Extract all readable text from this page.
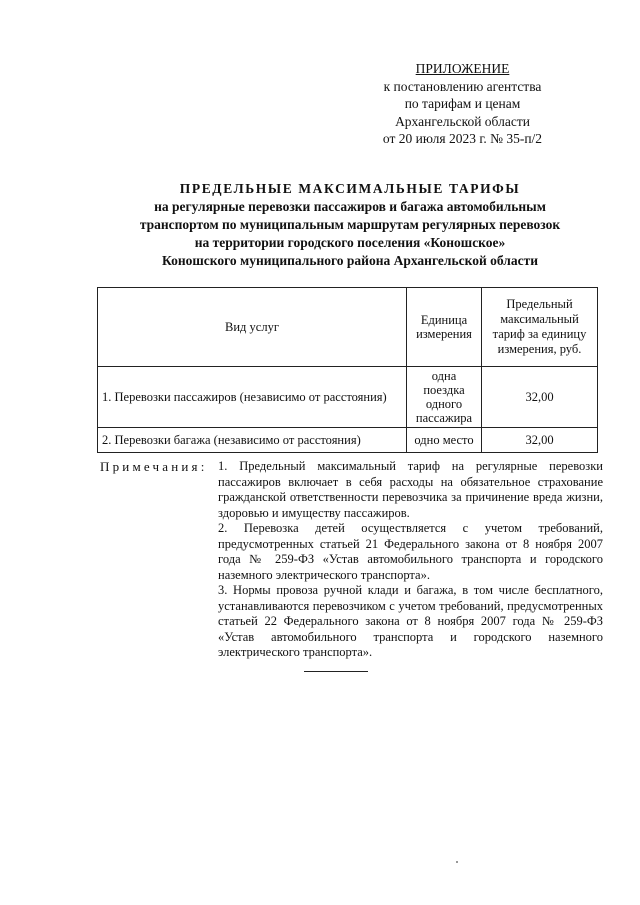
ПРИЛОЖЕНИЕ
к постановлению агентства
по тарифам и ценам
Архангельской области
от 20 июля 2023 г. № 35-п/2
ПРЕДЕЛЬНЫЕ МАКСИМАЛЬНЫЕ ТАРИФЫ
на регулярные перевозки пассажиров и багажа автомобильным
транспортом по муниципальным маршрутам регулярных перевозок
на территории городского поселения «Коношское»
Коношского муниципального района Архангельской области
Вид услуг	Единица измерения	Предельный максимальный тариф за единицу измерения, руб.
1. Перевозки пассажиров (независимо от расстояния)	одна поездка одного пассажира	32,00
2. Перевозки багажа (независимо от расстояния)	одно место	32,00
Примечания: 1. Предельный максимальный тариф на регулярные перевозки пассажиров включает в себя расходы на обязательное страхование гражданской ответственности перевозчика за причинение вреда жизни, здоровью и имуществу пассажиров.

2. Перевозка детей осуществляется с учетом требований, предусмотренных статьей 21 Федерального закона от 8 ноября 2007 года № 259-ФЗ «Устав автомобильного транспорта и городского наземного электрического транспорта».

3. Нормы провоза ручной клади и багажа, в том числе бесплатного, устанавливаются перевозчиком с учетом требований, предусмотренных статьей 22 Федерального закона от 8 ноября 2007 года № 259-ФЗ «Устав автомобильного транспорта и городского наземного электрического транспорта».
